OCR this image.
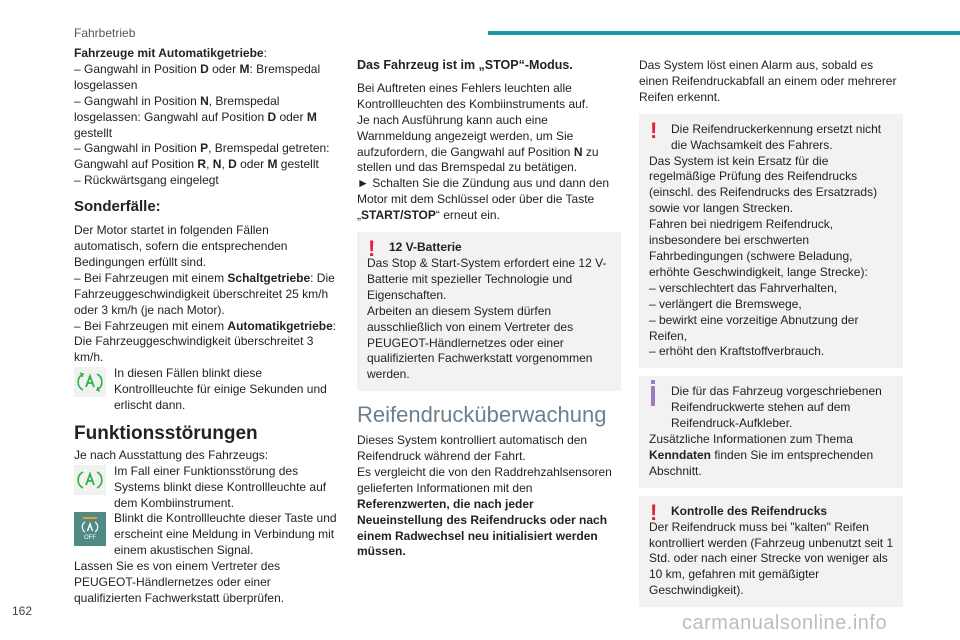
Fahrbetrieb

Fahrzeuge mit Automatikgetriebe:
– Gangwahl in Position D oder M: Bremspedal losgelassen
– Gangwahl in Position N, Bremspedal losgelassen: Gangwahl auf Position D oder M gestellt
– Gangwahl in Position P, Bremspedal getreten: Gangwahl auf Position R, N, D oder M gestellt
– Rückwärtsgang eingelegt

Sonderfälle:

Der Motor startet in folgenden Fällen automatisch, sofern die entsprechenden Bedingungen erfüllt sind.

– Bei Fahrzeugen mit einem Schaltgetriebe: Die Fahrzeuggeschwindigkeit überschreitet 25 km/h oder 3 km/h (je nach Motor).

– Bei Fahrzeugen mit einem Automatikgetriebe: Die Fahrzeuggeschwindigkeit überschreitet 3 km/h.

In diesen Fällen blinkt diese Kontrollleuchte für einige Sekunden und erlischt dann.

Funktionsstörungen

Je nach Ausstattung des Fahrzeugs:

Im Fall einer Funktionsstörung des Systems blinkt diese Kontrollleuchte auf dem Kombiinstrument.

OFF

Blinkt die Kontrollleuchte dieser Taste und erscheint eine Meldung in Verbindung mit einem akustischen Signal.

Lassen Sie es von einem Vertreter des PEUGEOT-Händlernetzes oder einer qualifizierten Fachwerkstatt überprüfen.

Das Fahrzeug ist im „STOP“-Modus.

Bei Auftreten eines Fehlers leuchten alle Kontrollleuchten des Kombiinstruments auf.

Je nach Ausführung kann auch eine Warnmeldung angezeigt werden, um Sie aufzufordern, die Gangwahl auf Position N zu stellen und das Bremspedal zu betätigen.

► Schalten Sie die Zündung aus und dann den Motor mit dem Schlüssel oder über die Taste „START/STOP“ erneut ein.

!	12 V-Batterie

Das Stop & Start-System erfordert eine 12 V-Batterie mit spezieller Technologie und Eigenschaften.

Arbeiten an diesem System dürfen ausschließlich von einem Vertreter des PEUGEOT-Händlernetzes oder einer qualifizierten Fachwerkstatt vorgenommen werden.

Reifendrucküberwachung

Dieses System kontrolliert automatisch den Reifendruck während der Fahrt.

Es vergleicht die von den Raddrehzahlsensoren gelieferten Informationen mit den Referenzwerten, die nach jeder Neueinstellung des Reifendrucks oder nach einem Radwechsel neu initialisiert werden müssen.

Das System löst einen Alarm aus, sobald es einen Reifendruckabfall an einem oder mehrerer Reifen erkennt.

!	Die Reifendruckerkennung ersetzt nicht die Wachsamkeit des Fahrers.

Das System ist kein Ersatz für die regelmäßige Prüfung des Reifendrucks (einschl. des Reifendrucks des Ersatzrads) sowie vor langen Strecken.

Fahren bei niedrigem Reifendruck, insbesondere bei erschwerten Fahrbedingungen (schwere Beladung, erhöhte Geschwindigkeit, lange Strecke):

– verschlechtert das Fahrverhalten,

– verlängert die Bremswege,

– bewirkt eine vorzeitige Abnutzung der Reifen,

– erhöht den Kraftstoffverbrauch.

Die für das Fahrzeug vorgeschriebenen Reifendruckwerte stehen auf dem Reifendruck-Aufkleber.

Zusätzliche Informationen zum Thema Kenndaten finden Sie im entsprechenden Abschnitt.

!	Kontrolle des Reifendrucks

Der Reifendruck muss bei "kalten" Reifen kontrolliert werden (Fahrzeug unbenutzt seit 1 Std. oder nach einer Strecke von weniger als 10 km, gefahren mit gemäßigter Geschwindigkeit).

162
carmanualsonline.info
